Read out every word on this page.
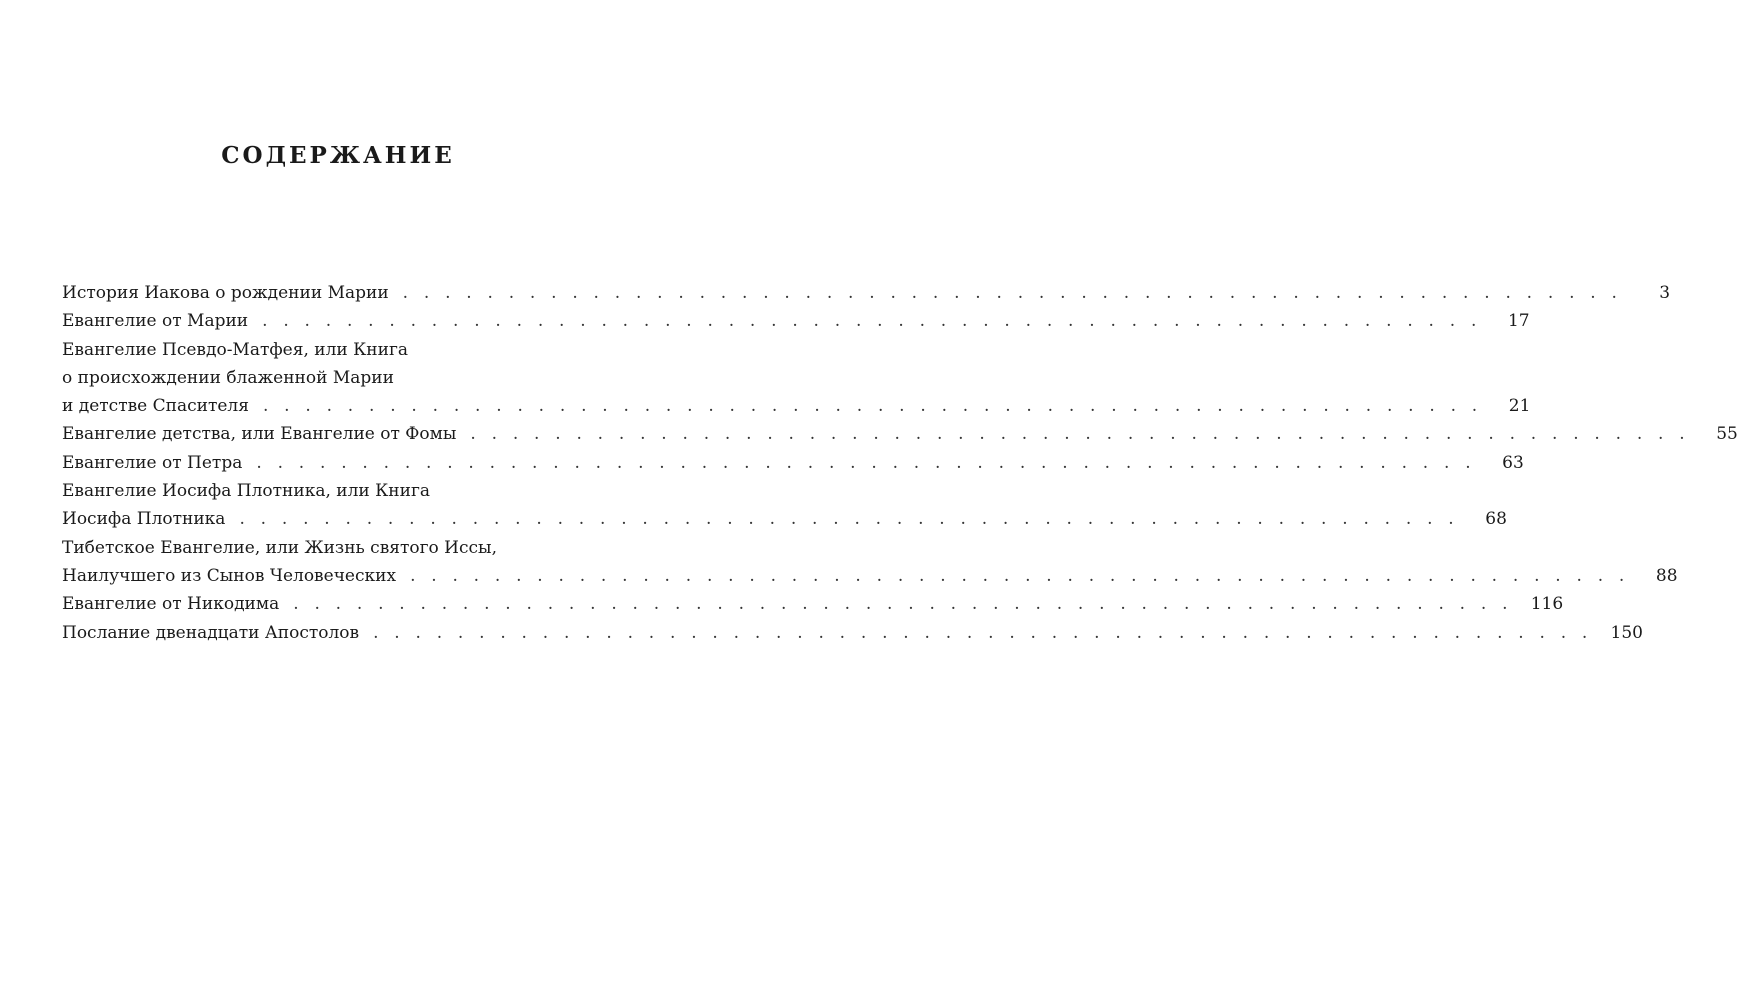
СОДЕРЖАНИЕ
История Иакова о рождении Марии . . . . . . . . . . . . . . . . . . . . . . . . . . . . . . . . . . . . . . . . . . . . . . . . . . . . . . . . . .	3
Евангелие от Марии . . . . . . . . . . . . . . . . . . . . . . . . . . . . . . . . . . . . . . . . . . . . . . . . . . . . . . . . . .	17
Евангелие Псевдо-Матфея, или Книга
о происхождении блаженной Марии
и детстве Спасителя . . . . . . . . . . . . . . . . . . . . . . . . . . . . . . . . . . . . . . . . . . . . . . . . . . . . . . . . . .	21
Евангелие детства, или Евангелие от Фомы . . . . . . . . . . . . . . . . . . . . . . . . . . . . . . . . . . . . . . . . . . . . . . . . . . . . . . . . . .	55
Евангелие от Петра . . . . . . . . . . . . . . . . . . . . . . . . . . . . . . . . . . . . . . . . . . . . . . . . . . . . . . . . . .	63
Евангелие Иосифа Плотника, или Книга
Иосифа Плотника . . . . . . . . . . . . . . . . . . . . . . . . . . . . . . . . . . . . . . . . . . . . . . . . . . . . . . . . . .	68
Тибетское Евангелие, или Жизнь святого Иссы,
Наилучшего из Сынов Человеческих . . . . . . . . . . . . . . . . . . . . . . . . . . . . . . . . . . . . . . . . . . . . . . . . . . . . . . . . . .	88
Евангелие от Никодима . . . . . . . . . . . . . . . . . . . . . . . . . . . . . . . . . . . . . . . . . . . . . . . . . . . . . . . . . . 116
Послание двенадцати Апостолов . . . . . . . . . . . . . . . . . . . . . . . . . . . . . . . . . . . . . . . . . . . . . . . . . . . . . . . . . . 150
